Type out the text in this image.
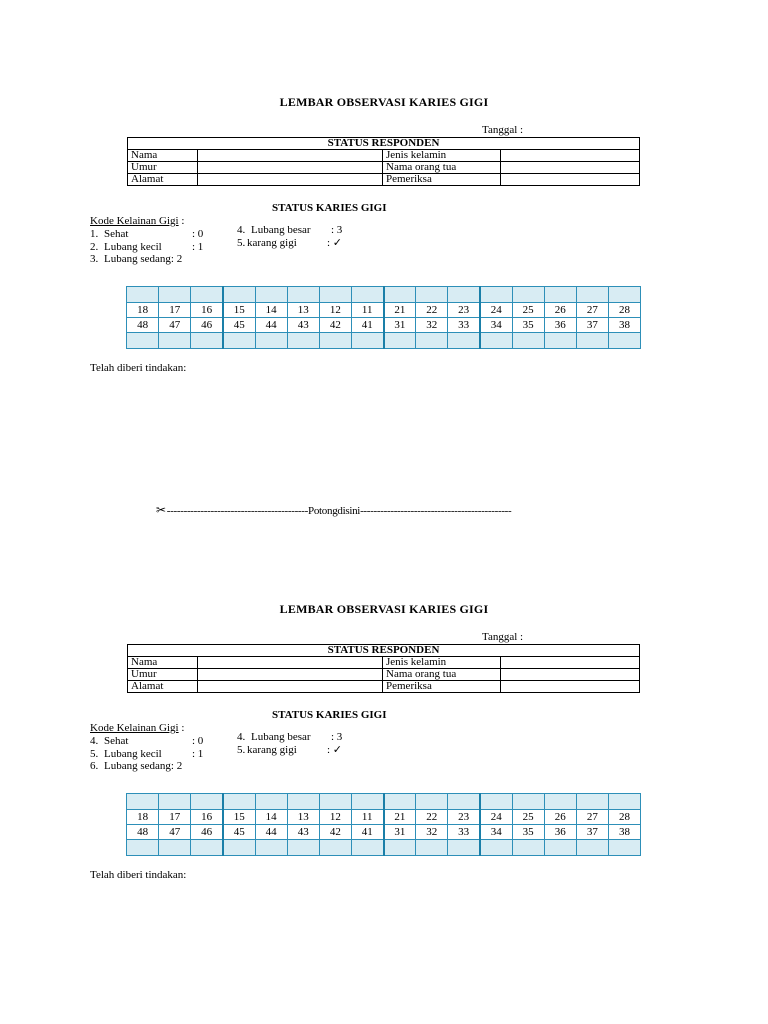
LEMBAR OBSERVASI KARIES GIGI
Tanggal :
STATUS RESPONDEN			
Nama		Jenis kelamin	
Umur		Nama orang tua	
Alamat		Pemeriksa	
STATUS KARIES GIGI
Kode Kelainan Gigi :
1. Sehat	: 0
2. Lubang kecil	: 1
3. Lubang sedang: 2
4. Lubang besar : 3
5. karang gigi	: ✓

18	17	16	15	14	13	12	11	21	22	23	24	25	26	27	28
48	47	46	45	44	43	42	41	31	32	33	34	35	36	37	38

Telah diberi tindakan:
✂------------------------------------------Potongdisini---------------------------------------------
LEMBAR OBSERVASI KARIES GIGI
Tanggal :
STATUS RESPONDEN			
Nama		Jenis kelamin	
Umur		Nama orang tua	
Alamat		Pemeriksa	
STATUS KARIES GIGI
Kode Kelainan Gigi :
4. Sehat	: 0
5. Lubang kecil	: 1
6. Lubang sedang: 2
4. Lubang besar : 3
5. karang gigi	: ✓

18	17	16	15	14	13	12	11	21	22	23	24	25	26	27	28
48	47	46	45	44	43	42	41	31	32	33	34	35	36	37	38

Telah diberi tindakan:
